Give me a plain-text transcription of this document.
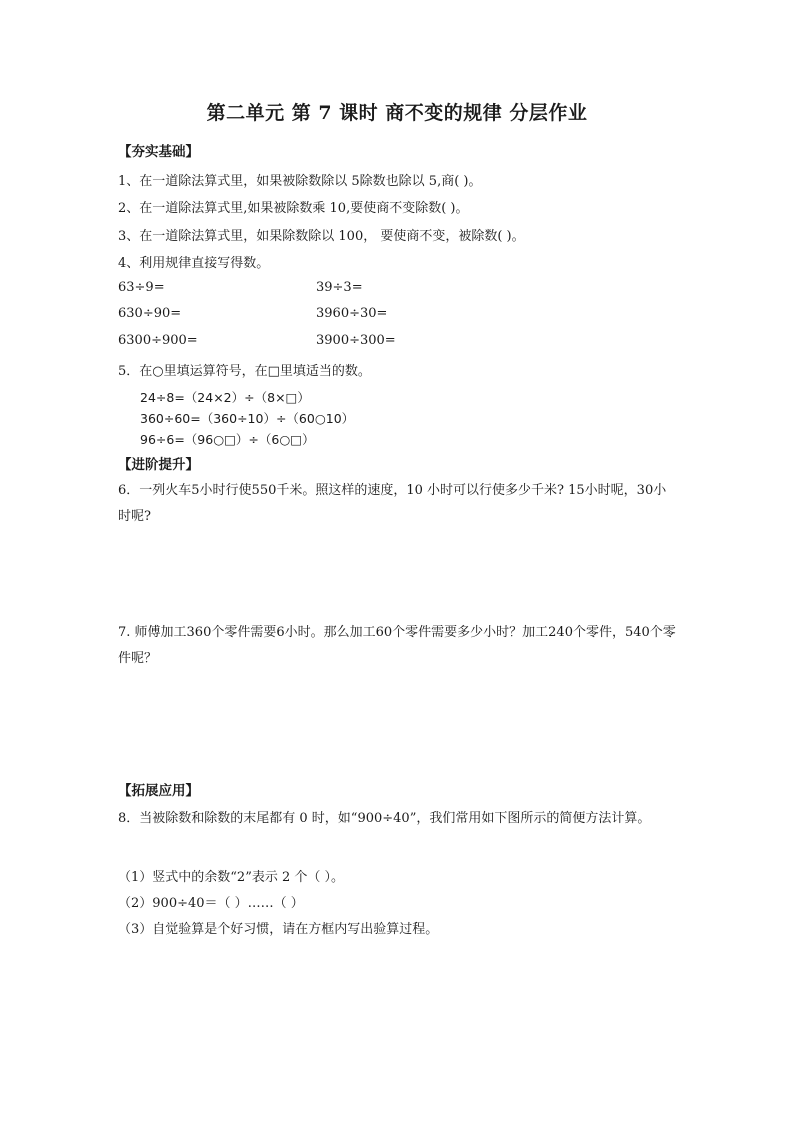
第二单元 第 7 课时 商不变的规律 分层作业
【夯实基础】
1、在一道除法算式里，如果被除数除以 5除数也除以 5,商( )。
2、在一道除法算式里,如果被除数乘 10,要使商不变除数( )。
3、在一道除法算式里，如果除数除以 100， 要使商不变，被除数( )。
4、利用规律直接写得数。
63÷9=	39÷3=
630÷90=	3960÷30=
6300÷900=	3900÷300=
5．在○里填运算符号，在□里填适当的数。
24÷8=（24×2）÷（8×□）
360÷60=（360÷10）÷（60○10）
96÷6=（96○□）÷（6○□）
【进阶提升】
6．一列火车5小时行使550千米。照这样的速度，10 小时可以行使多少千米? 15小时呢，30小时呢?
7. 师傅加工360个零件需要6小时。那么加工60个零件需要多少小时？加工240个零件，540个零件呢？
【拓展应用】
8．当被除数和除数的末尾都有 0 时，如“900÷40”，我们常用如下图所示的简便方法计算。
（1）竖式中的余数“2”表示 2 个（ ）。
（2）900÷40＝（ ）……（ ）
（3）自觉验算是个好习惯，请在方框内写出验算过程。
